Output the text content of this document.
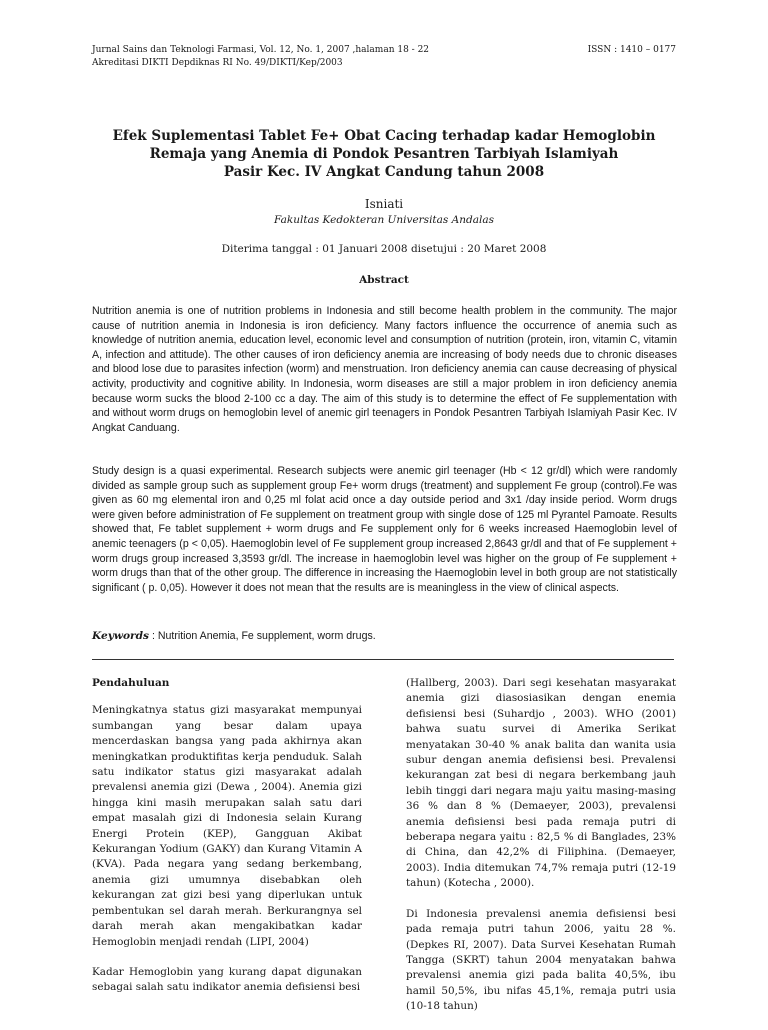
Jurnal Sains dan Teknologi Farmasi, Vol. 12, No. 1, 2007 ,halaman 18 - 22
Akreditasi DIKTI Depdiknas RI No. 49/DIKTI/Kep/2003
ISSN : 1410 – 0177
Efek Suplementasi Tablet Fe+ Obat Cacing terhadap kadar Hemoglobin
Remaja yang Anemia di Pondok Pesantren Tarbiyah Islamiyah
Pasir Kec. IV Angkat Candung tahun 2008
Isniati
Fakultas Kedokteran Universitas Andalas
Diterima tanggal : 01 Januari 2008 disetujui : 20 Maret 2008
Abstract

Nutrition anemia is one of nutrition problems in Indonesia and still become health problem in the community. The major cause of nutrition anemia in Indonesia is iron deficiency. Many factors influence the occurrence of anemia such as knowledge of nutrition anemia, education level, economic level and consumption of nutrition (protein, iron, vitamin C, vitamin A, infection and attitude). The other causes of iron deficiency anemia are increasing of body needs due to chronic diseases and blood lose due to parasites infection (worm) and menstruation. Iron deficiency anemia can cause decreasing of physical activity, productivity and cognitive ability. In Indonesia, worm diseases are still a major problem in iron deficiency anemia because worm sucks the blood 2-100 cc a day. The aim of this study is to determine the effect of Fe supplementation with and without worm drugs on hemoglobin level of anemic girl teenagers in Pondok Pesantren Tarbiyah Islamiyah Pasir Kec. IV Angkat Canduang.

Study design is a quasi experimental. Research subjects were anemic girl teenager (Hb < 12 gr/dl) which were randomly divided as sample group such as supplement group Fe+ worm drugs (treatment) and supplement Fe group (control).Fe was given as 60 mg elemental iron and 0,25 ml folat acid once a day outside period and 3x1 /day inside period. Worm drugs were given before administration of Fe supplement on treatment group with single dose of 125 ml Pyrantel Pamoate. Results showed that, Fe tablet supplement + worm drugs and Fe supplement only for 6 weeks increased Haemoglobin level of anemic teenagers (p < 0,05). Haemoglobin level of Fe supplement group increased 2,8643 gr/dl and that of Fe supplement + worm drugs group increased 3,3593 gr/dl. The increase in haemoglobin level was higher on the group of Fe supplement + worm drugs than that of the other group. The difference in increasing the Haemoglobin level in both group are not statistically significant ( p. 0,05). However it does not mean that the results are is meaningless in the view of clinical aspects.

Keywords : Nutrition Anemia, Fe supplement, worm drugs.
Pendahuluan

Meningkatnya status gizi masyarakat mempunyai sumbangan yang besar dalam upaya mencerdaskan bangsa yang pada akhirnya akan meningkatkan produktifitas kerja penduduk. Salah satu indikator status gizi masyarakat adalah prevalensi anemia gizi (Dewa , 2004). Anemia gizi hingga kini masih merupakan salah satu dari empat masalah gizi di Indonesia selain Kurang Energi Protein (KEP), Gangguan Akibat Kekurangan Yodium (GAKY) dan Kurang Vitamin A (KVA). Pada negara yang sedang berkembang, anemia gizi umumnya disebabkan oleh kekurangan zat gizi besi yang diperlukan untuk pembentukan sel darah merah. Berkurangnya sel darah merah akan mengakibatkan kadar Hemoglobin menjadi rendah (LIPI, 2004)

Kadar Hemoglobin yang kurang dapat digunakan sebagai salah satu indikator anemia defisiensi besi

(Hallberg, 2003). Dari segi kesehatan masyarakat anemia gizi diasosiasikan dengan enemia defisiensi besi (Suhardjo , 2003). WHO (2001) bahwa suatu survei di Amerika Serikat menyatakan 30-40 % anak balita dan wanita usia subur dengan anemia defisiensi besi. Prevalensi kekurangan zat besi di negara berkembang jauh lebih tinggi dari negara maju yaitu masing-masing 36 % dan 8 % (Demaeyer, 2003), prevalensi anemia defisiensi besi pada remaja putri di beberapa negara yaitu : 82,5 % di Banglades, 23% di China, dan 42,2% di Filiphina. (Demaeyer, 2003). India ditemukan 74,7% remaja putri (12-19 tahun) (Kotecha , 2000).

Di Indonesia prevalensi anemia defisiensi besi pada remaja putri tahun 2006, yaitu 28 %. (Depkes RI, 2007). Data Survei Kesehatan Rumah Tangga (SKRT) tahun 2004 menyatakan bahwa prevalensi anemia gizi pada balita 40,5%, ibu hamil 50,5%, ibu nifas 45,1%, remaja putri usia (10-18 tahun)
